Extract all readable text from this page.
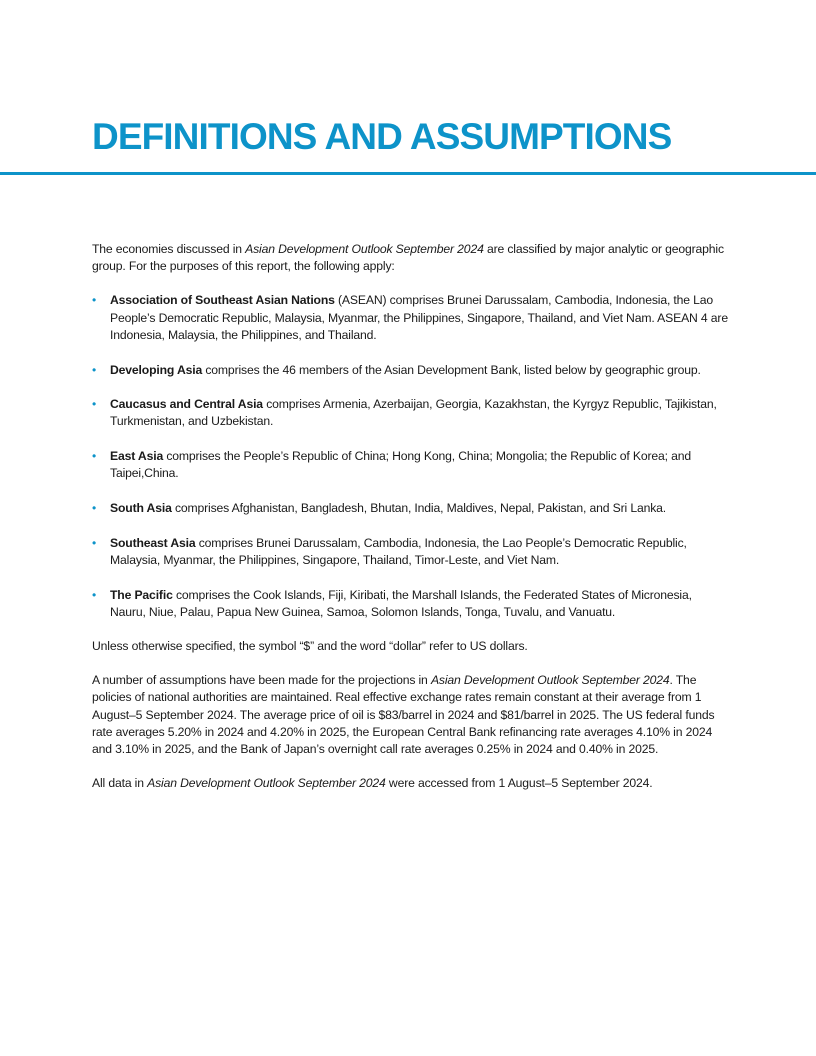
DEFINITIONS AND ASSUMPTIONS

The economies discussed in Asian Development Outlook September 2024 are classified by major analytic or geographic group. For the purposes of this report, the following apply:

• Association of Southeast Asian Nations (ASEAN) comprises Brunei Darussalam, Cambodia, Indonesia, the Lao People’s Democratic Republic, Malaysia, Myanmar, the Philippines, Singapore, Thailand, and Viet Nam. ASEAN 4 are Indonesia, Malaysia, the Philippines, and Thailand.
• Developing Asia comprises the 46 members of the Asian Development Bank, listed below by geographic group.
• Caucasus and Central Asia comprises Armenia, Azerbaijan, Georgia, Kazakhstan, the Kyrgyz Republic, Tajikistan, Turkmenistan, and Uzbekistan.
• East Asia comprises the People’s Republic of China; Hong Kong, China; Mongolia; the Republic of Korea; and Taipei,China.
• South Asia comprises Afghanistan, Bangladesh, Bhutan, India, Maldives, Nepal, Pakistan, and Sri Lanka.
• Southeast Asia comprises Brunei Darussalam, Cambodia, Indonesia, the Lao People’s Democratic Republic, Malaysia, Myanmar, the Philippines, Singapore, Thailand, Timor-Leste, and Viet Nam.
• The Pacific comprises the Cook Islands, Fiji, Kiribati, the Marshall Islands, the Federated States of Micronesia, Nauru, Niue, Palau, Papua New Guinea, Samoa, Solomon Islands, Tonga, Tuvalu, and Vanuatu.

Unless otherwise specified, the symbol “$” and the word “dollar” refer to US dollars.

A number of assumptions have been made for the projections in Asian Development Outlook September 2024. The policies of national authorities are maintained. Real effective exchange rates remain constant at their average from 1 August–5 September 2024. The average price of oil is $83/barrel in 2024 and $81/barrel in 2025. The US federal funds rate averages 5.20% in 2024 and 4.20% in 2025, the European Central Bank refinancing rate averages 4.10% in 2024 and 3.10% in 2025, and the Bank of Japan’s overnight call rate averages 0.25% in 2024 and 0.40% in 2025.

All data in Asian Development Outlook September 2024 were accessed from 1 August–5 September 2024.
